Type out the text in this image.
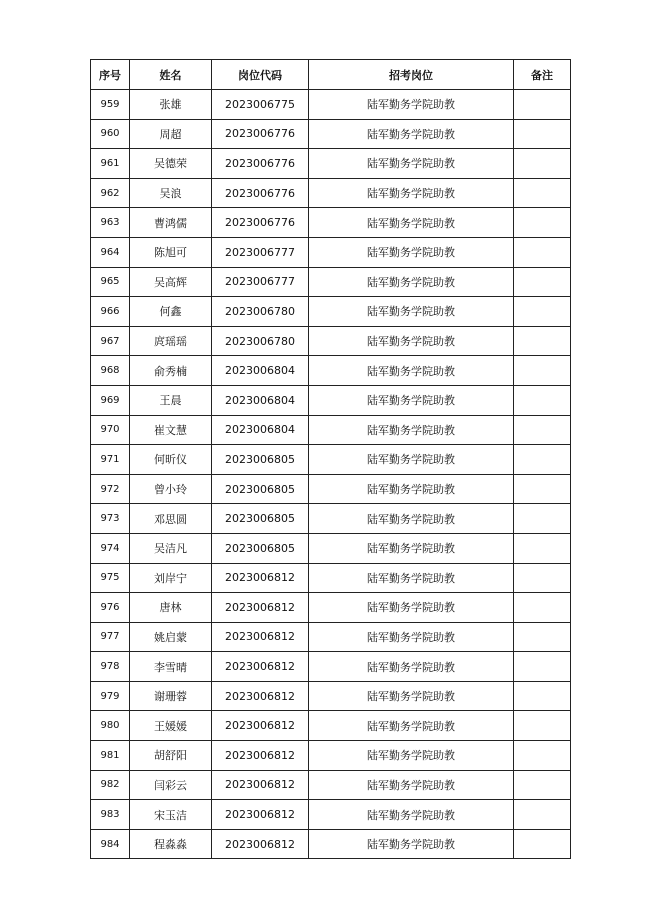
序号	姓名	岗位代码	招考岗位	备注
959	张雄	2023006775	陆军勤务学院助教	
960	周超	2023006776	陆军勤务学院助教	
961	吴德荣	2023006776	陆军勤务学院助教	
962	吴浪	2023006776	陆军勤务学院助教	
963	曹鸿儒	2023006776	陆军勤务学院助教	
964	陈旭可	2023006777	陆军勤务学院助教	
965	吴高辉	2023006777	陆军勤务学院助教	
966	何鑫	2023006780	陆军勤务学院助教	
967	庹瑶瑶	2023006780	陆军勤务学院助教	
968	俞秀楠	2023006804	陆军勤务学院助教	
969	王晨	2023006804	陆军勤务学院助教	
970	崔文慧	2023006804	陆军勤务学院助教	
971	何昕仪	2023006805	陆军勤务学院助教	
972	曾小玲	2023006805	陆军勤务学院助教	
973	邓思圆	2023006805	陆军勤务学院助教	
974	吴洁凡	2023006805	陆军勤务学院助教	
975	刘岸宁	2023006812	陆军勤务学院助教	
976	唐林	2023006812	陆军勤务学院助教	
977	姚启蒙	2023006812	陆军勤务学院助教	
978	李雪晴	2023006812	陆军勤务学院助教	
979	谢珊蓉	2023006812	陆军勤务学院助教	
980	王媛媛	2023006812	陆军勤务学院助教	
981	胡舒阳	2023006812	陆军勤务学院助教	
982	闫彩云	2023006812	陆军勤务学院助教	
983	宋玉洁	2023006812	陆军勤务学院助教	
984	程淼淼	2023006812	陆军勤务学院助教	
